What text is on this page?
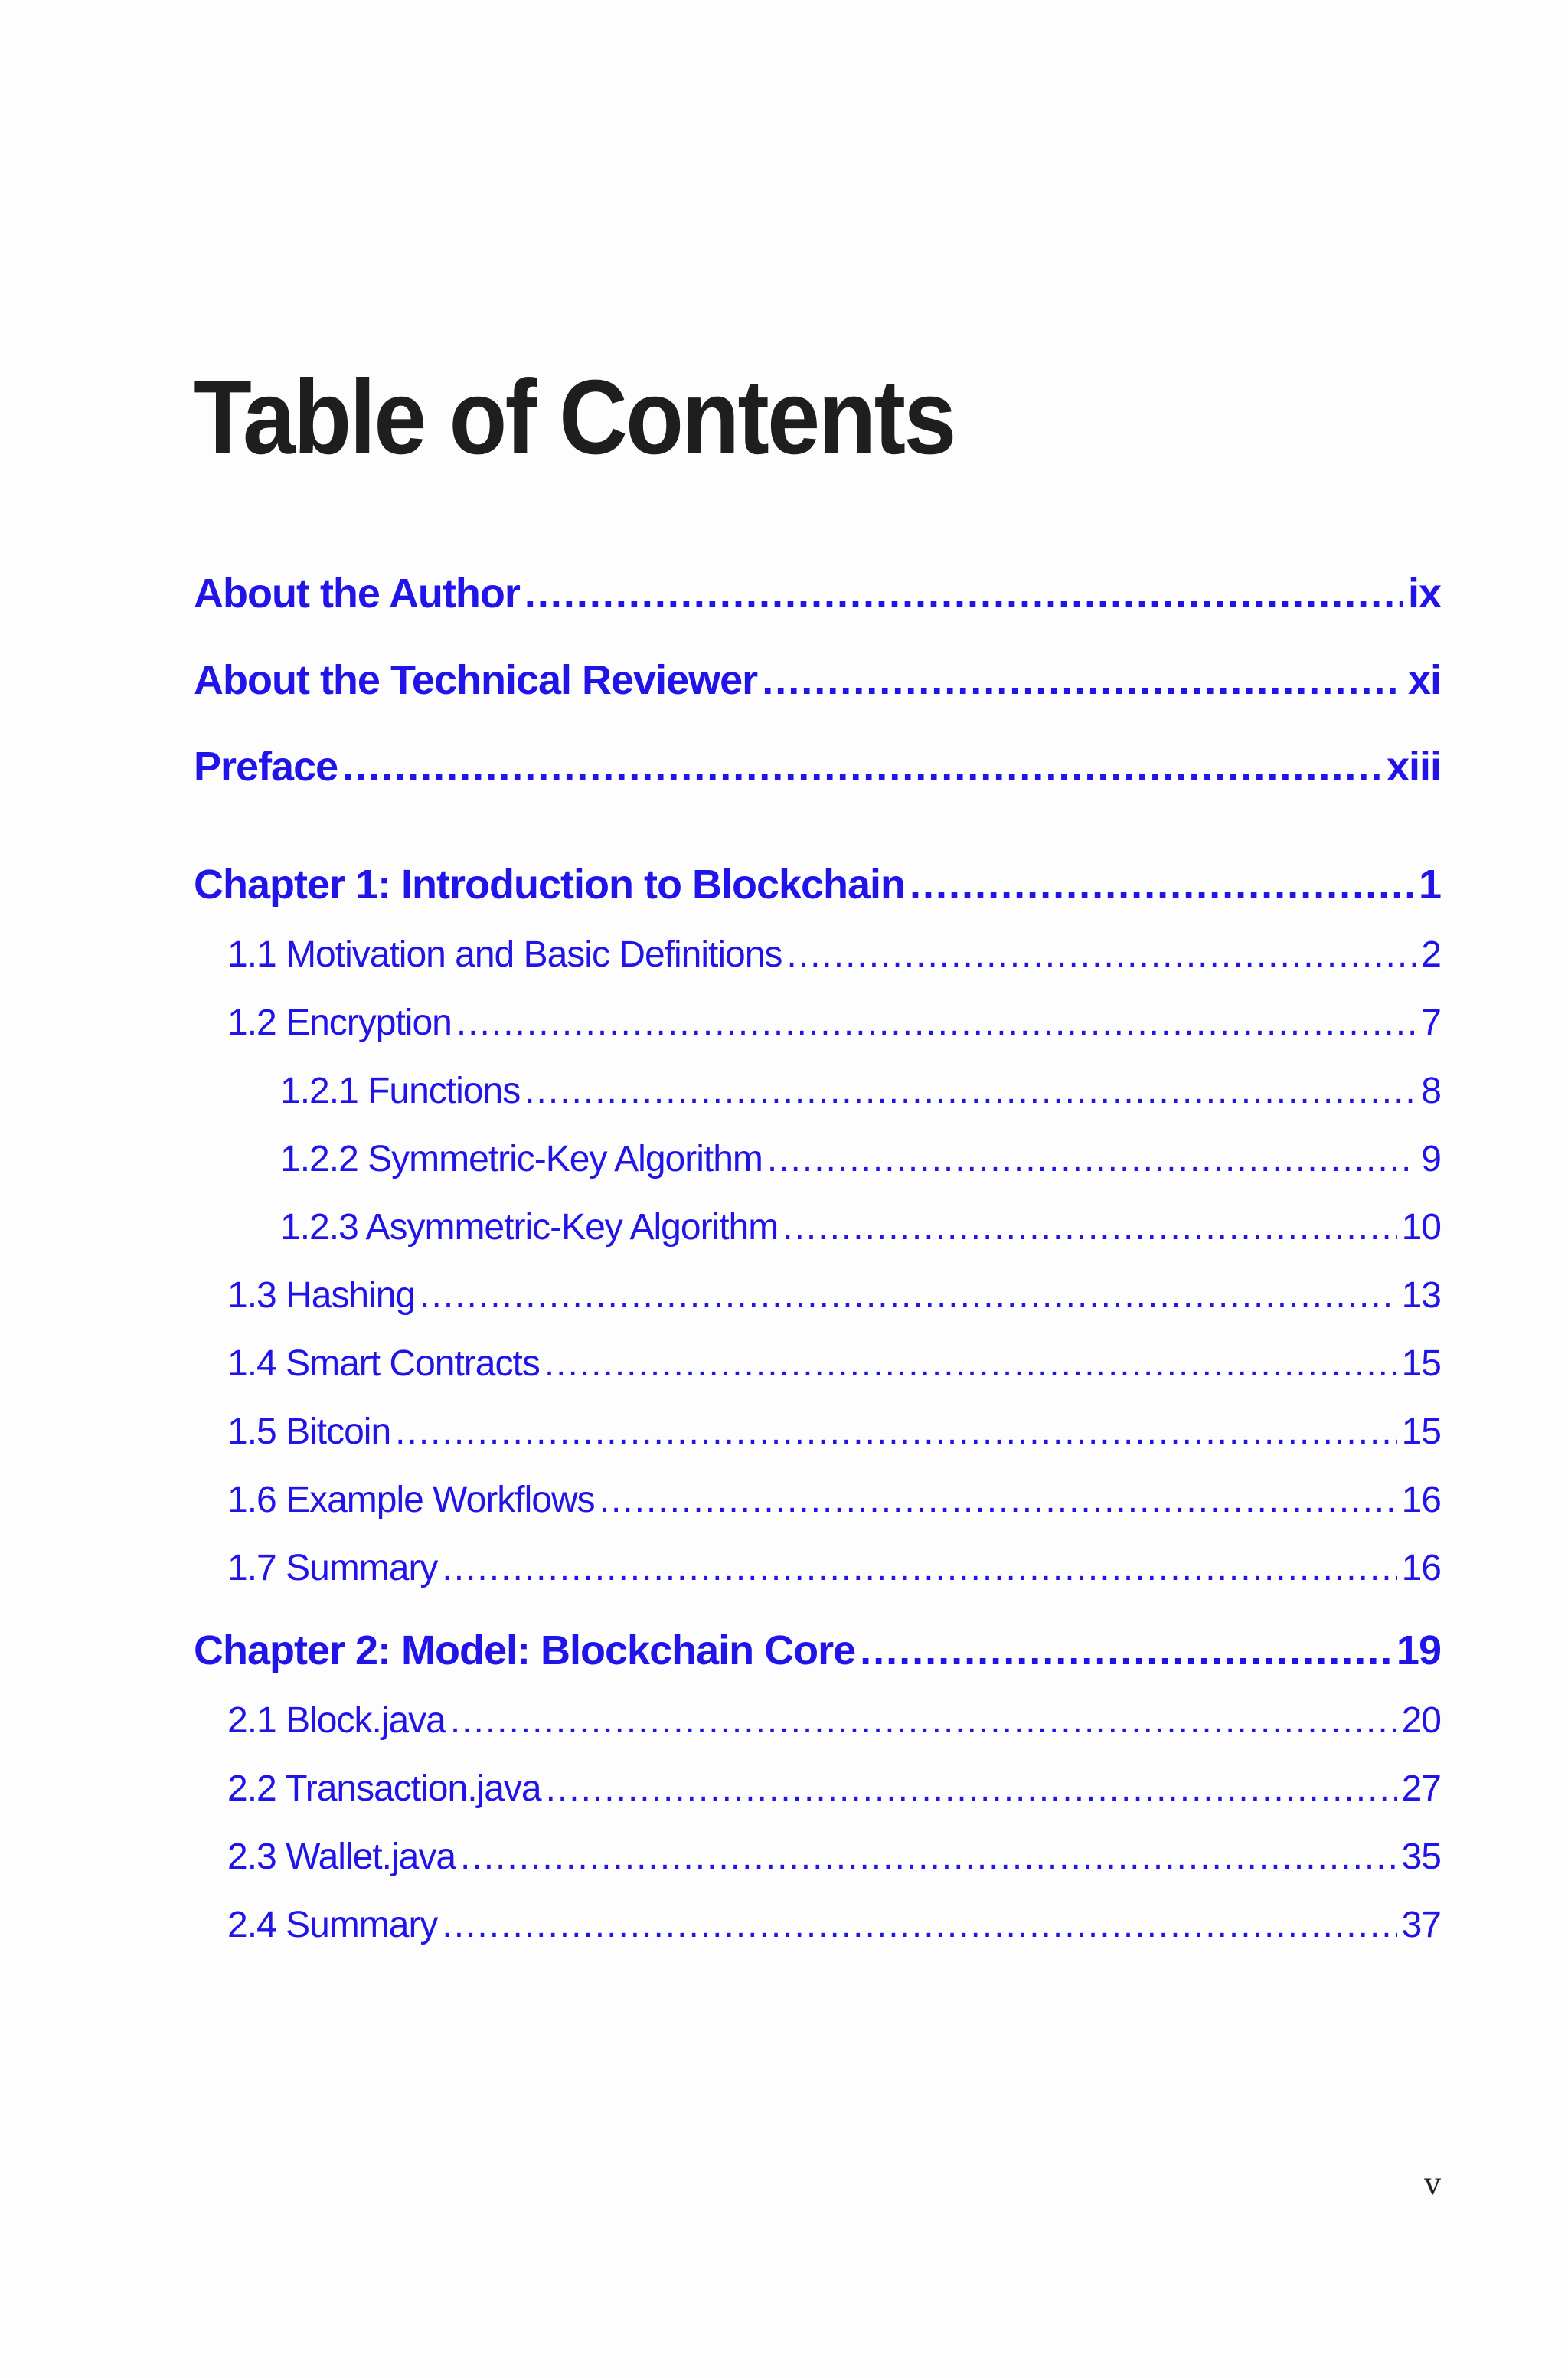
Table of Contents
About the Author .....	ix
About the Technical Reviewer .....	xi
Preface .....	xiii
Chapter 1: Introduction to Blockchain .....	1
1.1 Motivation and Basic Definitions .....	2
1.2 Encryption .....	7
1.2.1 Functions .....	8
1.2.2 Symmetric-Key Algorithm .....	9
1.2.3 Asymmetric-Key Algorithm .....	10
1.3 Hashing .....	13
1.4 Smart Contracts .....	15
1.5 Bitcoin .....	15
1.6 Example Workflows .....	16
1.7 Summary .....	16
Chapter 2: Model: Blockchain Core .....	19
2.1 Block.java .....	20
2.2 Transaction.java .....	27
2.3 Wallet.java .....	35
2.4 Summary .....	37
v
